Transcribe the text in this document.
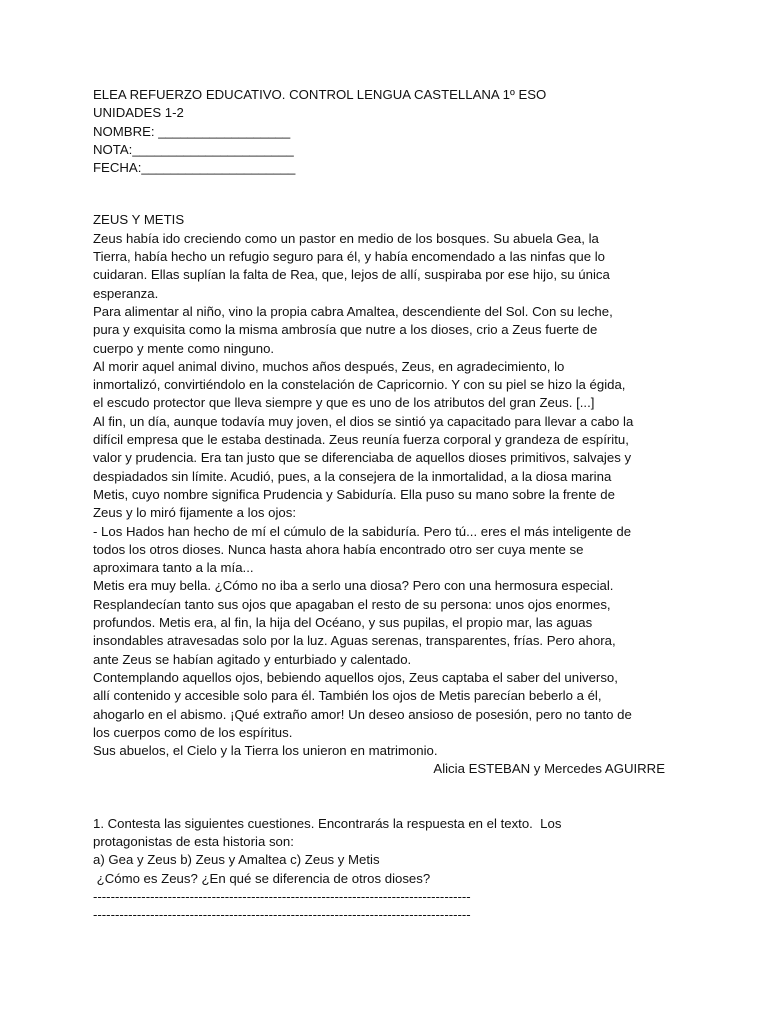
ELEA REFUERZO EDUCATIVO. CONTROL LENGUA CASTELLANA 1º ESO
UNIDADES 1-2
NOMBRE: __________________
NOTA:______________________
FECHA:_____________________
ZEUS Y METIS
Zeus había ido creciendo como un pastor en medio de los bosques. Su abuela Gea, la
Tierra, había hecho un refugio seguro para él, y había encomendado a las ninfas que lo
cuidaran. Ellas suplían la falta de Rea, que, lejos de allí, suspiraba por ese hijo, su única
esperanza.
Para alimentar al niño, vino la propia cabra Amaltea, descendiente del Sol. Con su leche,
pura y exquisita como la misma ambrosía que nutre a los dioses, crio a Zeus fuerte de
cuerpo y mente como ninguno.
Al morir aquel animal divino, muchos años después, Zeus, en agradecimiento, lo
inmortalizó, convirtiéndolo en la constelación de Capricornio. Y con su piel se hizo la égida,
el escudo protector que lleva siempre y que es uno de los atributos del gran Zeus. [...]
Al fin, un día, aunque todavía muy joven, el dios se sintió ya capacitado para llevar a cabo la
difícil empresa que le estaba destinada. Zeus reunía fuerza corporal y grandeza de espíritu,
valor y prudencia. Era tan justo que se diferenciaba de aquellos dioses primitivos, salvajes y
despiadados sin límite. Acudió, pues, a la consejera de la inmortalidad, a la diosa marina
Metis, cuyo nombre significa Prudencia y Sabiduría. Ella puso su mano sobre la frente de
Zeus y lo miró fijamente a los ojos:
- Los Hados han hecho de mí el cúmulo de la sabiduría. Pero tú... eres el más inteligente de
todos los otros dioses. Nunca hasta ahora había encontrado otro ser cuya mente se
aproximara tanto a la mía...
Metis era muy bella. ¿Cómo no iba a serlo una diosa? Pero con una hermosura especial.
Resplandecían tanto sus ojos que apagaban el resto de su persona: unos ojos enormes,
profundos. Metis era, al fin, la hija del Océano, y sus pupilas, el propio mar, las aguas
insondables atravesadas solo por la luz. Aguas serenas, transparentes, frías. Pero ahora,
ante Zeus se habían agitado y enturbiado y calentado.
Contemplando aquellos ojos, bebiendo aquellos ojos, Zeus captaba el saber del universo,
allí contenido y accesible solo para él. También los ojos de Metis parecían beberlo a él,
ahogarlo en el abismo. ¡Qué extraño amor! Un deseo ansioso de posesión, pero no tanto de
los cuerpos como de los espíritus.
Sus abuelos, el Cielo y la Tierra los unieron en matrimonio.
Alicia ESTEBAN y Mercedes AGUIRRE
1. Contesta las siguientes cuestiones. Encontrarás la respuesta en el texto.  Los
protagonistas de esta historia son:
a) Gea y Zeus b) Zeus y Amaltea c) Zeus y Metis
¿Cómo es Zeus? ¿En qué se diferencia de otros dioses?
--------------------------------------------------------------------------------------
--------------------------------------------------------------------------------------
